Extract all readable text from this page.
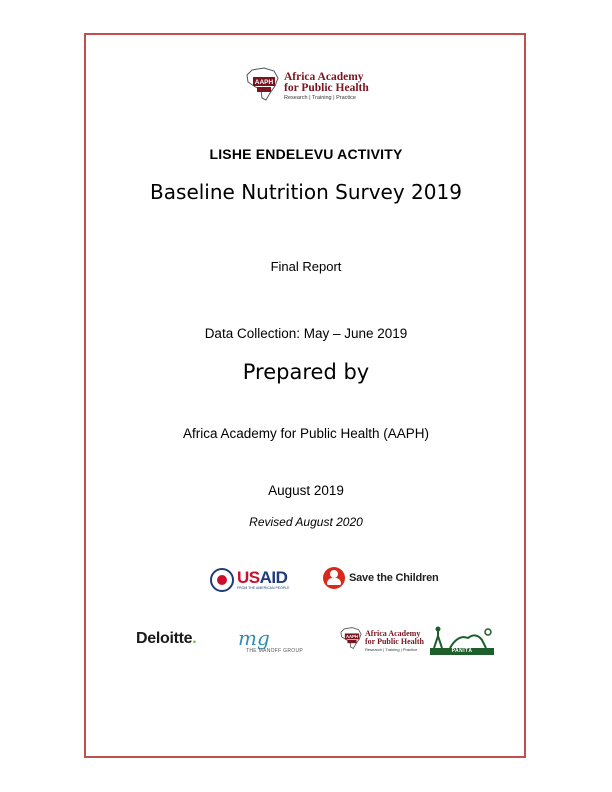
AAPH Africa Academy
for Public Health
Research | Training | Practice
LISHE ENDELEVU ACTIVITY
Baseline Nutrition Survey 2019
Final Report
Data Collection: May – June 2019
Prepared by
Africa Academy for Public Health (AAPH)
August 2019
Revised August 2020
USAID
FROM THE AMERICAN PEOPLE
Save the Children
Deloitte. mg
THE MANOFF GROUP
AAPH Africa Academy
for Public Health
Research | Training | Practice	PANITA
